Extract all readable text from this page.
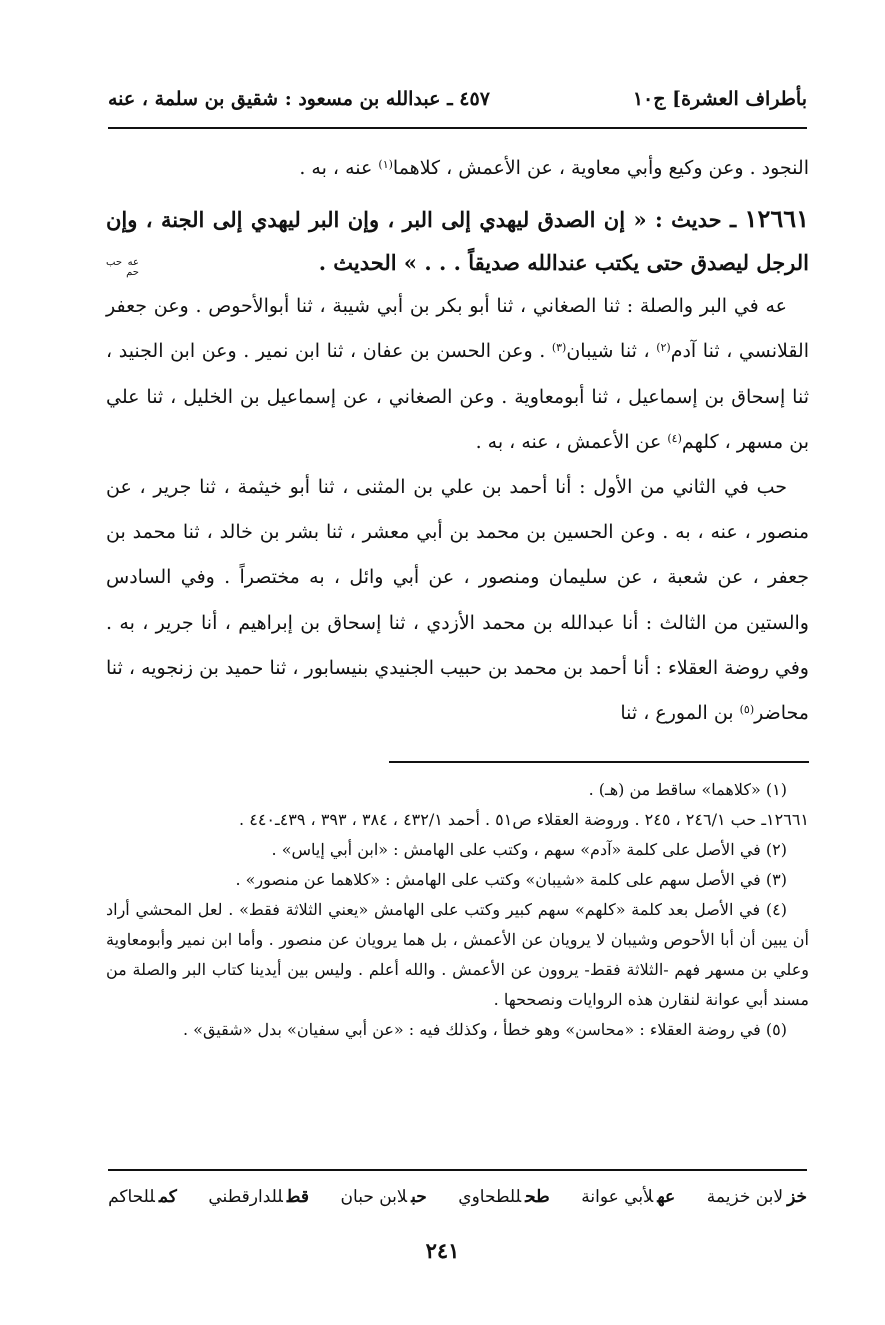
بأطراف العشرة] ج١٠
٤٥٧ ـ عبدالله بن مسعود : شقيق بن سلمة ، عنه

النجود . وعن وكيع وأبي معاوية ، عن الأعمش ، كلاهما$^{(١)}$ عنه ، به .

١٢٦٦١ ـ حديث : « إن الصدق ليهدي إلى البر ، وإن البر ليهدي إلى الجنة ، وإن الرجل ليصدق حتى يكتب عندالله صديقاً . . . » الحديث .

عه حب حم

عه في البر والصلة : ثنا الصغاني ، ثنا أبو بكر بن أبي شيبة ، ثنا أبوالأحوص . وعن جعفر القلانسي ، ثنا آدم$^{(٢)}$ ، ثنا شيبان$^{(٣)}$ . وعن الحسن بن عفان ، ثنا ابن نمير . وعن ابن الجنيد ، ثنا إسحاق بن إسماعيل ، ثنا أبومعاوية . وعن الصغاني ، عن إسماعيل بن الخليل ، ثنا علي بن مسهر ، كلهم$^{(٤)}$ عن الأعمش ، عنه ، به .

حب في الثاني من الأول : أنا أحمد بن علي بن المثنى ، ثنا أبو خيثمة ، ثنا جرير ، عن منصور ، عنه ، به . وعن الحسين بن محمد بن أبي معشر ، ثنا بشر بن خالد ، ثنا محمد بن جعفر ، عن شعبة ، عن سليمان ومنصور ، عن أبي وائل ، به مختصراً . وفي السادس والستين من الثالث : أنا عبدالله بن محمد الأزدي ، ثنا إسحاق بن إبراهيم ، أنا جرير ، به . وفي روضة العقلاء : أنا أحمد بن محمد بن حبيب الجنيدي بنيسابور ، ثنا حميد بن زنجويه ، ثنا محاضر$^{(٥)}$ بن المورع ، ثنا

(١) «كلاهما» ساقط من (هـ) .

١٢٦٦١ـ حب ٢٤٦/١ ، ٢٤٥ . وروضة العقلاء ص٥١ . أحمد ٤٣٢/١ ، ٣٨٤ ، ٣٩٣ ، ٤٣٩ـ٤٤٠ .

(٢) في الأصل على كلمة «آدم» سهم ، وكتب على الهامش : «ابن أبي إياس» .

(٣) في الأصل سهم على كلمة «شيبان» وكتب على الهامش : «كلاهما عن منصور» .

(٤) في الأصل بعد كلمة «كلهم» سهم كبير وكتب على الهامش «يعني الثلاثة فقط» . لعل المحشي أراد أن يبين أن أبا الأحوص وشيبان لا يرويان عن الأعمش ، بل هما يرويان عن منصور . وأما ابن نمير وأبومعاوية وعلي بن مسهر فهم -الثلاثة فقط- يروون عن الأعمش . والله أعلم . وليس بين أيدينا كتاب البر والصلة من مسند أبي عوانة لنقارن هذه الروايات ونصححها .

(٥) في روضة العقلاء : «محاسن» وهو خطأ ، وكذلك فيه : «عن أبي سفيان» بدل «شقيق» .

خزلابن خزيمة
عهلأبي عوانة
طحللطحاوي
حبلابن حبان
قطللدارقطني
كمللحاكم
٢٤١
